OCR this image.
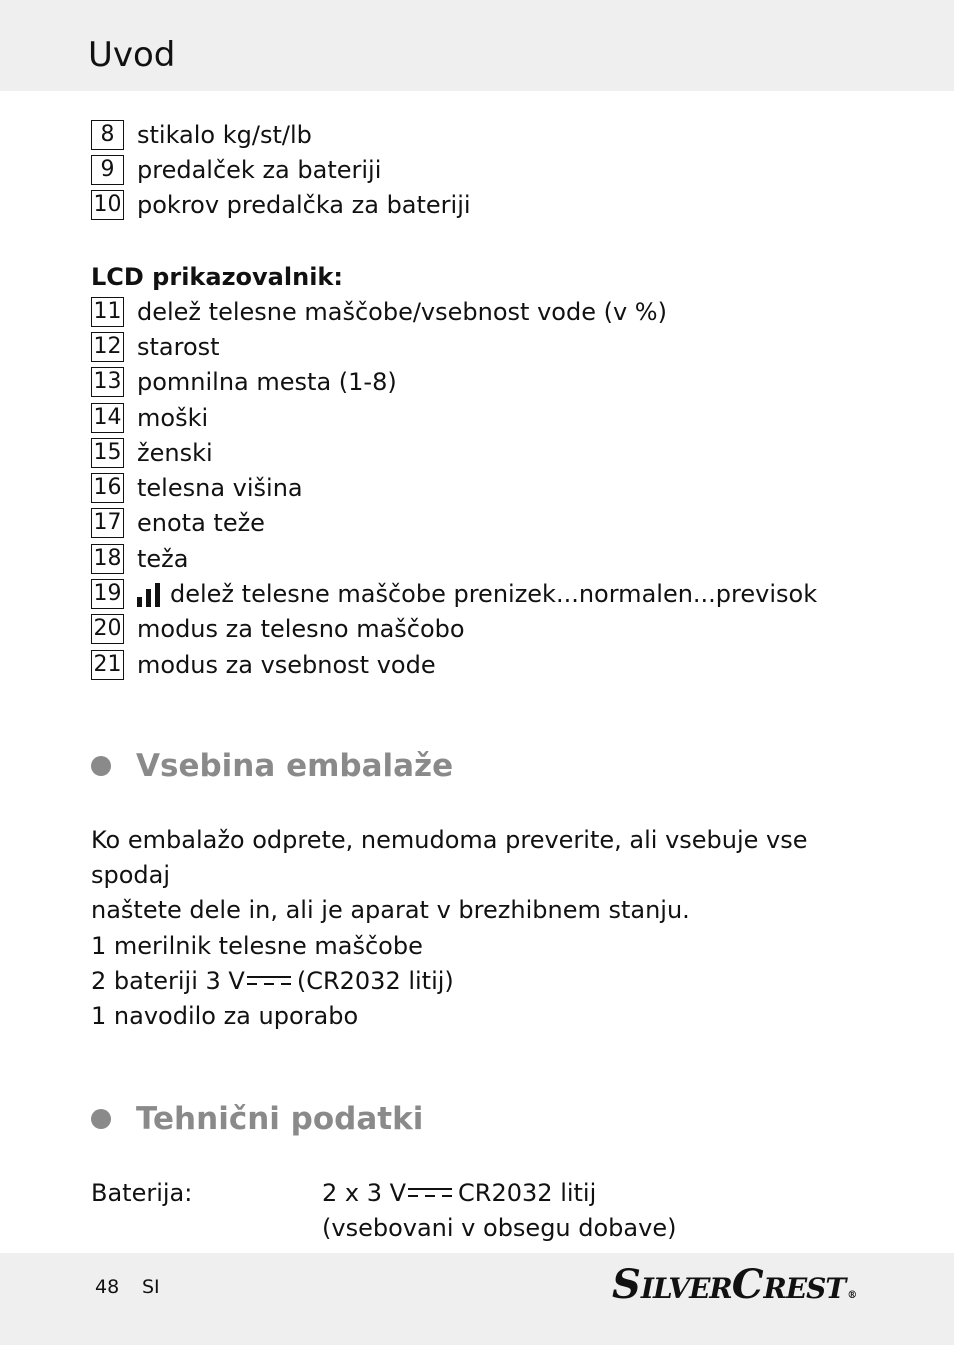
Uvod
8 stikalo kg/st/lb
9 predalček za bateriji
10 pokrov predalčka za bateriji
LCD prikazovalnik:
11 delež telesne maščobe/vsebnost vode (v %)
12 starost
13 pomnilna mesta (1-8)
14 moški
15 ženski
16 telesna višina
17 enota teže
18 teža
19 delež telesne maščobe prenizek...normalen...previsok
20 modus za telesno maščobo
21 modus za vsebnost vode
Vsebina embalaže

Ko embalažo odprete, nemudoma preverite, ali vsebuje vse spodaj

naštete dele in, ali je aparat v brezhibnem stanju.

1 merilnik telesne maščobe

2 bateriji 3 V (CR2032 litij)

1 navodilo za uporabo

Tehnični podatki
Baterija:	2 x 3 V CR2032 litij
(vsebovani v obsegu dobave)
48 SI	S ILVER C REST ®
